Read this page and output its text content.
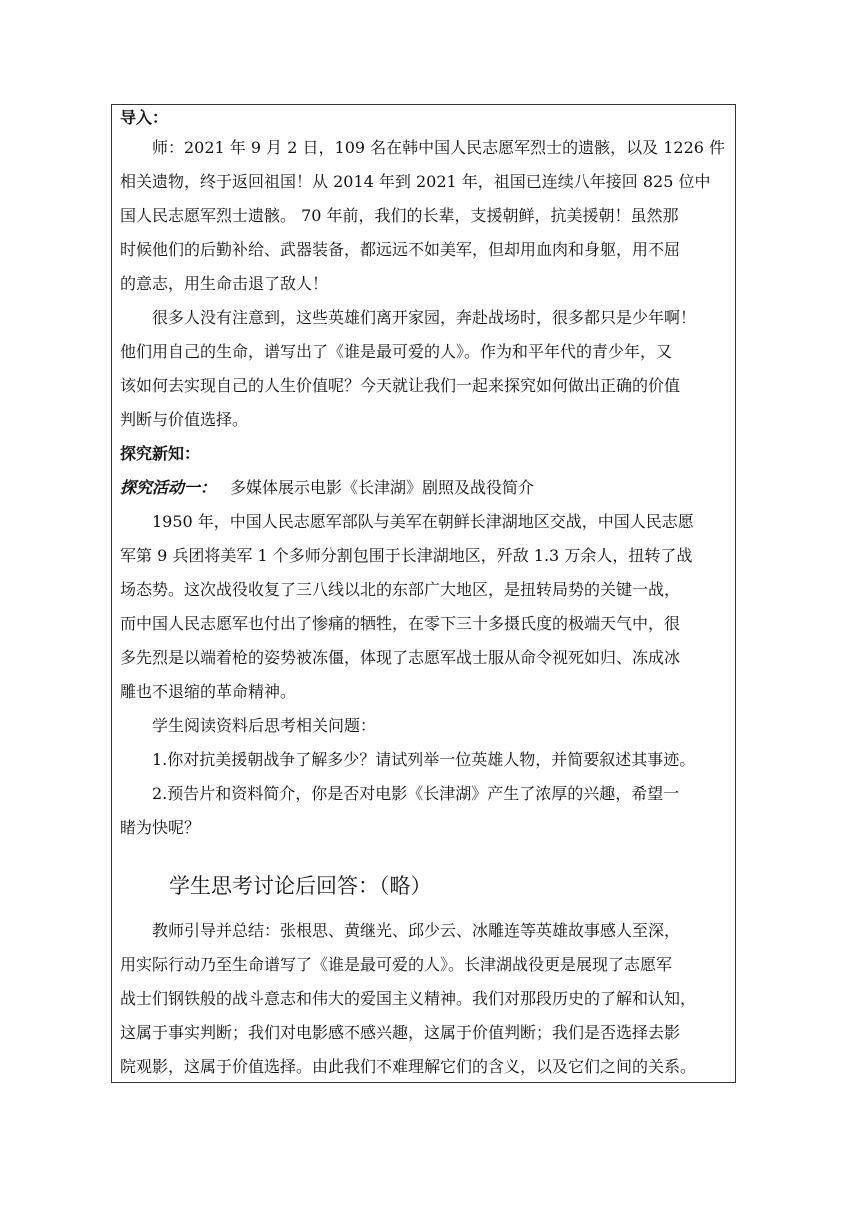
导入：
师：2021 年 9 月 2 日，109 名在韩中国人民志愿军烈士的遗骸，以及 1226 件
相关遗物，终于返回祖国！从 2014 年到 2021 年，祖国已连续八年接回 825 位中
国人民志愿军烈士遗骸。 70 年前，我们的长辈，支援朝鲜，抗美援朝！虽然那
时候他们的后勤补给、武器装备，都远远不如美军，但却用血肉和身躯，用不屈
的意志，用生命击退了敌人！
很多人没有注意到，这些英雄们离开家园，奔赴战场时，很多都只是少年啊！
他们用自己的生命，谱写出了《谁是最可爱的人》。作为和平年代的青少年，又
该如何去实现自己的人生价值呢？今天就让我们一起来探究如何做出正确的价值
判断与价值选择。
探究新知：
探究活动一： 多媒体展示电影《长津湖》剧照及战役简介
1950 年，中国人民志愿军部队与美军在朝鲜长津湖地区交战，中国人民志愿
军第 9 兵团将美军 1 个多师分割包围于长津湖地区，歼敌 1.3 万余人，扭转了战
场态势。这次战役收复了三八线以北的东部广大地区，是扭转局势的关键一战，
而中国人民志愿军也付出了惨痛的牺牲，在零下三十多摄氏度的极端天气中，很
多先烈是以端着枪的姿势被冻僵，体现了志愿军战士服从命令视死如归、冻成冰
雕也不退缩的革命精神。
学生阅读资料后思考相关问题：
1.你对抗美援朝战争了解多少？请试列举一位英雄人物，并简要叙述其事迹。
2.预告片和资料简介，你是否对电影《长津湖》产生了浓厚的兴趣，希望一
睹为快呢？
学生思考讨论后回答：（略）
教师引导并总结：张根思、黄继光、邱少云、冰雕连等英雄故事感人至深，
用实际行动乃至生命谱写了《谁是最可爱的人》。长津湖战役更是展现了志愿军
战士们钢铁般的战斗意志和伟大的爱国主义精神。我们对那段历史的了解和认知，
这属于事实判断；我们对电影感不感兴趣，这属于价值判断；我们是否选择去影
院观影，这属于价值选择。由此我们不难理解它们的含义，以及它们之间的关系。
